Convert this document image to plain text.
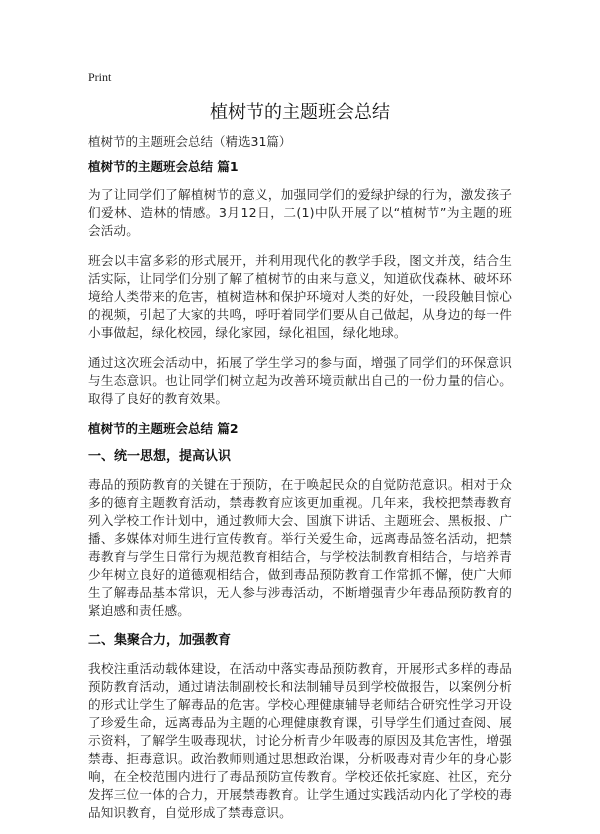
Print
植树节的主题班会总结
植树节的主题班会总结（精选31篇）
植树节的主题班会总结 篇1

为了让同学们了解植树节的意义，加强同学们的爱绿护绿的行为，激发孩子们爱林、造林的情感。3月12日，二(1)中队开展了以“植树节”为主题的班会活动。

班会以丰富多彩的形式展开，并利用现代化的教学手段，图文并茂，结合生活实际，让同学们分别了解了植树节的由来与意义，知道砍伐森林、破坏环境给人类带来的危害，植树造林和保护环境对人类的好处，一段段触目惊心的视频，引起了大家的共鸣，呼吁着同学们要从自己做起，从身边的每一件小事做起，绿化校园，绿化家园，绿化祖国，绿化地球。

通过这次班会活动中，拓展了学生学习的参与面，增强了同学们的环保意识与生态意识。也让同学们树立起为改善环境贡献出自己的一份力量的信心。取得了良好的教育效果。

植树节的主题班会总结 篇2
一、统一思想，提高认识

毒品的预防教育的关键在于预防，在于唤起民众的自觉防范意识。相对于众多的德育主题教育活动，禁毒教育应该更加重视。几年来，我校把禁毒教育列入学校工作计划中，通过教师大会、国旗下讲话、主题班会、黑板报、广播、多媒体对师生进行宣传教育。举行关爱生命，远离毒品签名活动，把禁毒教育与学生日常行为规范教育相结合，与学校法制教育相结合，与培养青少年树立良好的道德观相结合，做到毒品预防教育工作常抓不懈，使广大师生了解毒品基本常识，无人参与涉毒活动，不断增强青少年毒品预防教育的紧迫感和责任感。

二、集聚合力，加强教育

我校注重活动载体建设，在活动中落实毒品预防教育，开展形式多样的毒品预防教育活动，通过请法制副校长和法制辅导员到学校做报告，以案例分析的形式让学生了解毒品的危害。学校心理健康辅导老师结合研究性学习开设了珍爱生命，远离毒品为主题的心理健康教育课，引导学生们通过查阅、展示资料，了解学生吸毒现状，讨论分析青少年吸毒的原因及其危害性，增强禁毒、拒毒意识。政治教师则通过思想政治课，分析吸毒对青少年的身心影响，在全校范围内进行了毒品预防宣传教育。学校还依托家庭、社区，充分发挥三位一体的合力，开展禁毒教育。让学生通过实践活动内化了学校的毒品知识教育，自觉形成了禁毒意识。
